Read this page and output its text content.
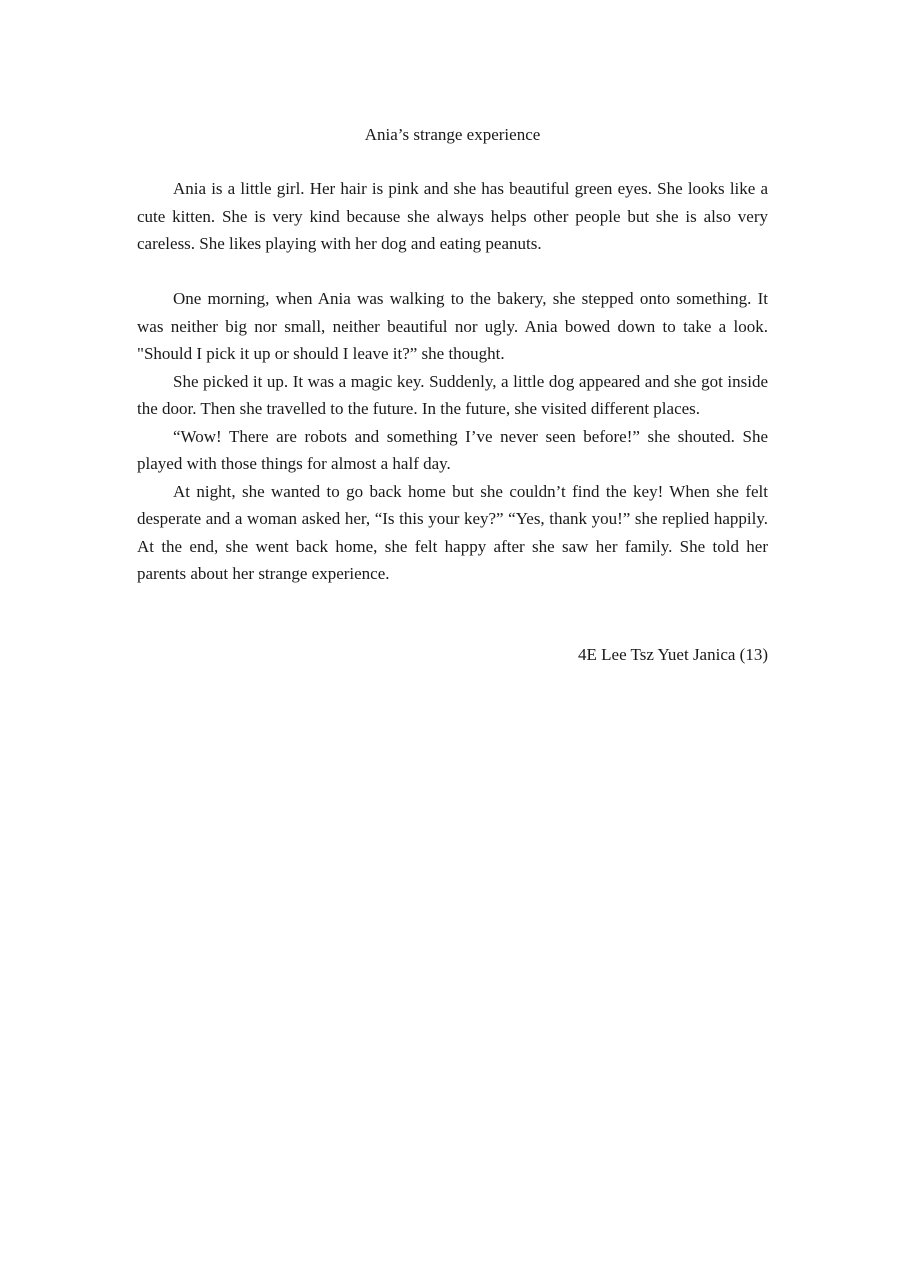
Ania’s strange experience

Ania is a little girl. Her hair is pink and she has beautiful green eyes. She looks like a cute kitten. She is very kind because she always helps other people but she is also very careless. She likes playing with her dog and eating peanuts.

One morning, when Ania was walking to the bakery, she stepped onto something. It was neither big nor small, neither beautiful nor ugly. Ania bowed down to take a look. "Should I pick it up or should I leave it?” she thought.

She picked it up. It was a magic key. Suddenly, a little dog appeared and she got inside the door. Then she travelled to the future. In the future, she visited different places.

“Wow! There are robots and something I’ve never seen before!” she shouted. She played with those things for almost a half day.

At night, she wanted to go back home but she couldn’t find the key! When she felt desperate and a woman asked her, “Is this your key?” “Yes, thank you!” she replied happily. At the end, she went back home, she felt happy after she saw her family. She told her parents about her strange experience.

4E Lee Tsz Yuet Janica (13)
